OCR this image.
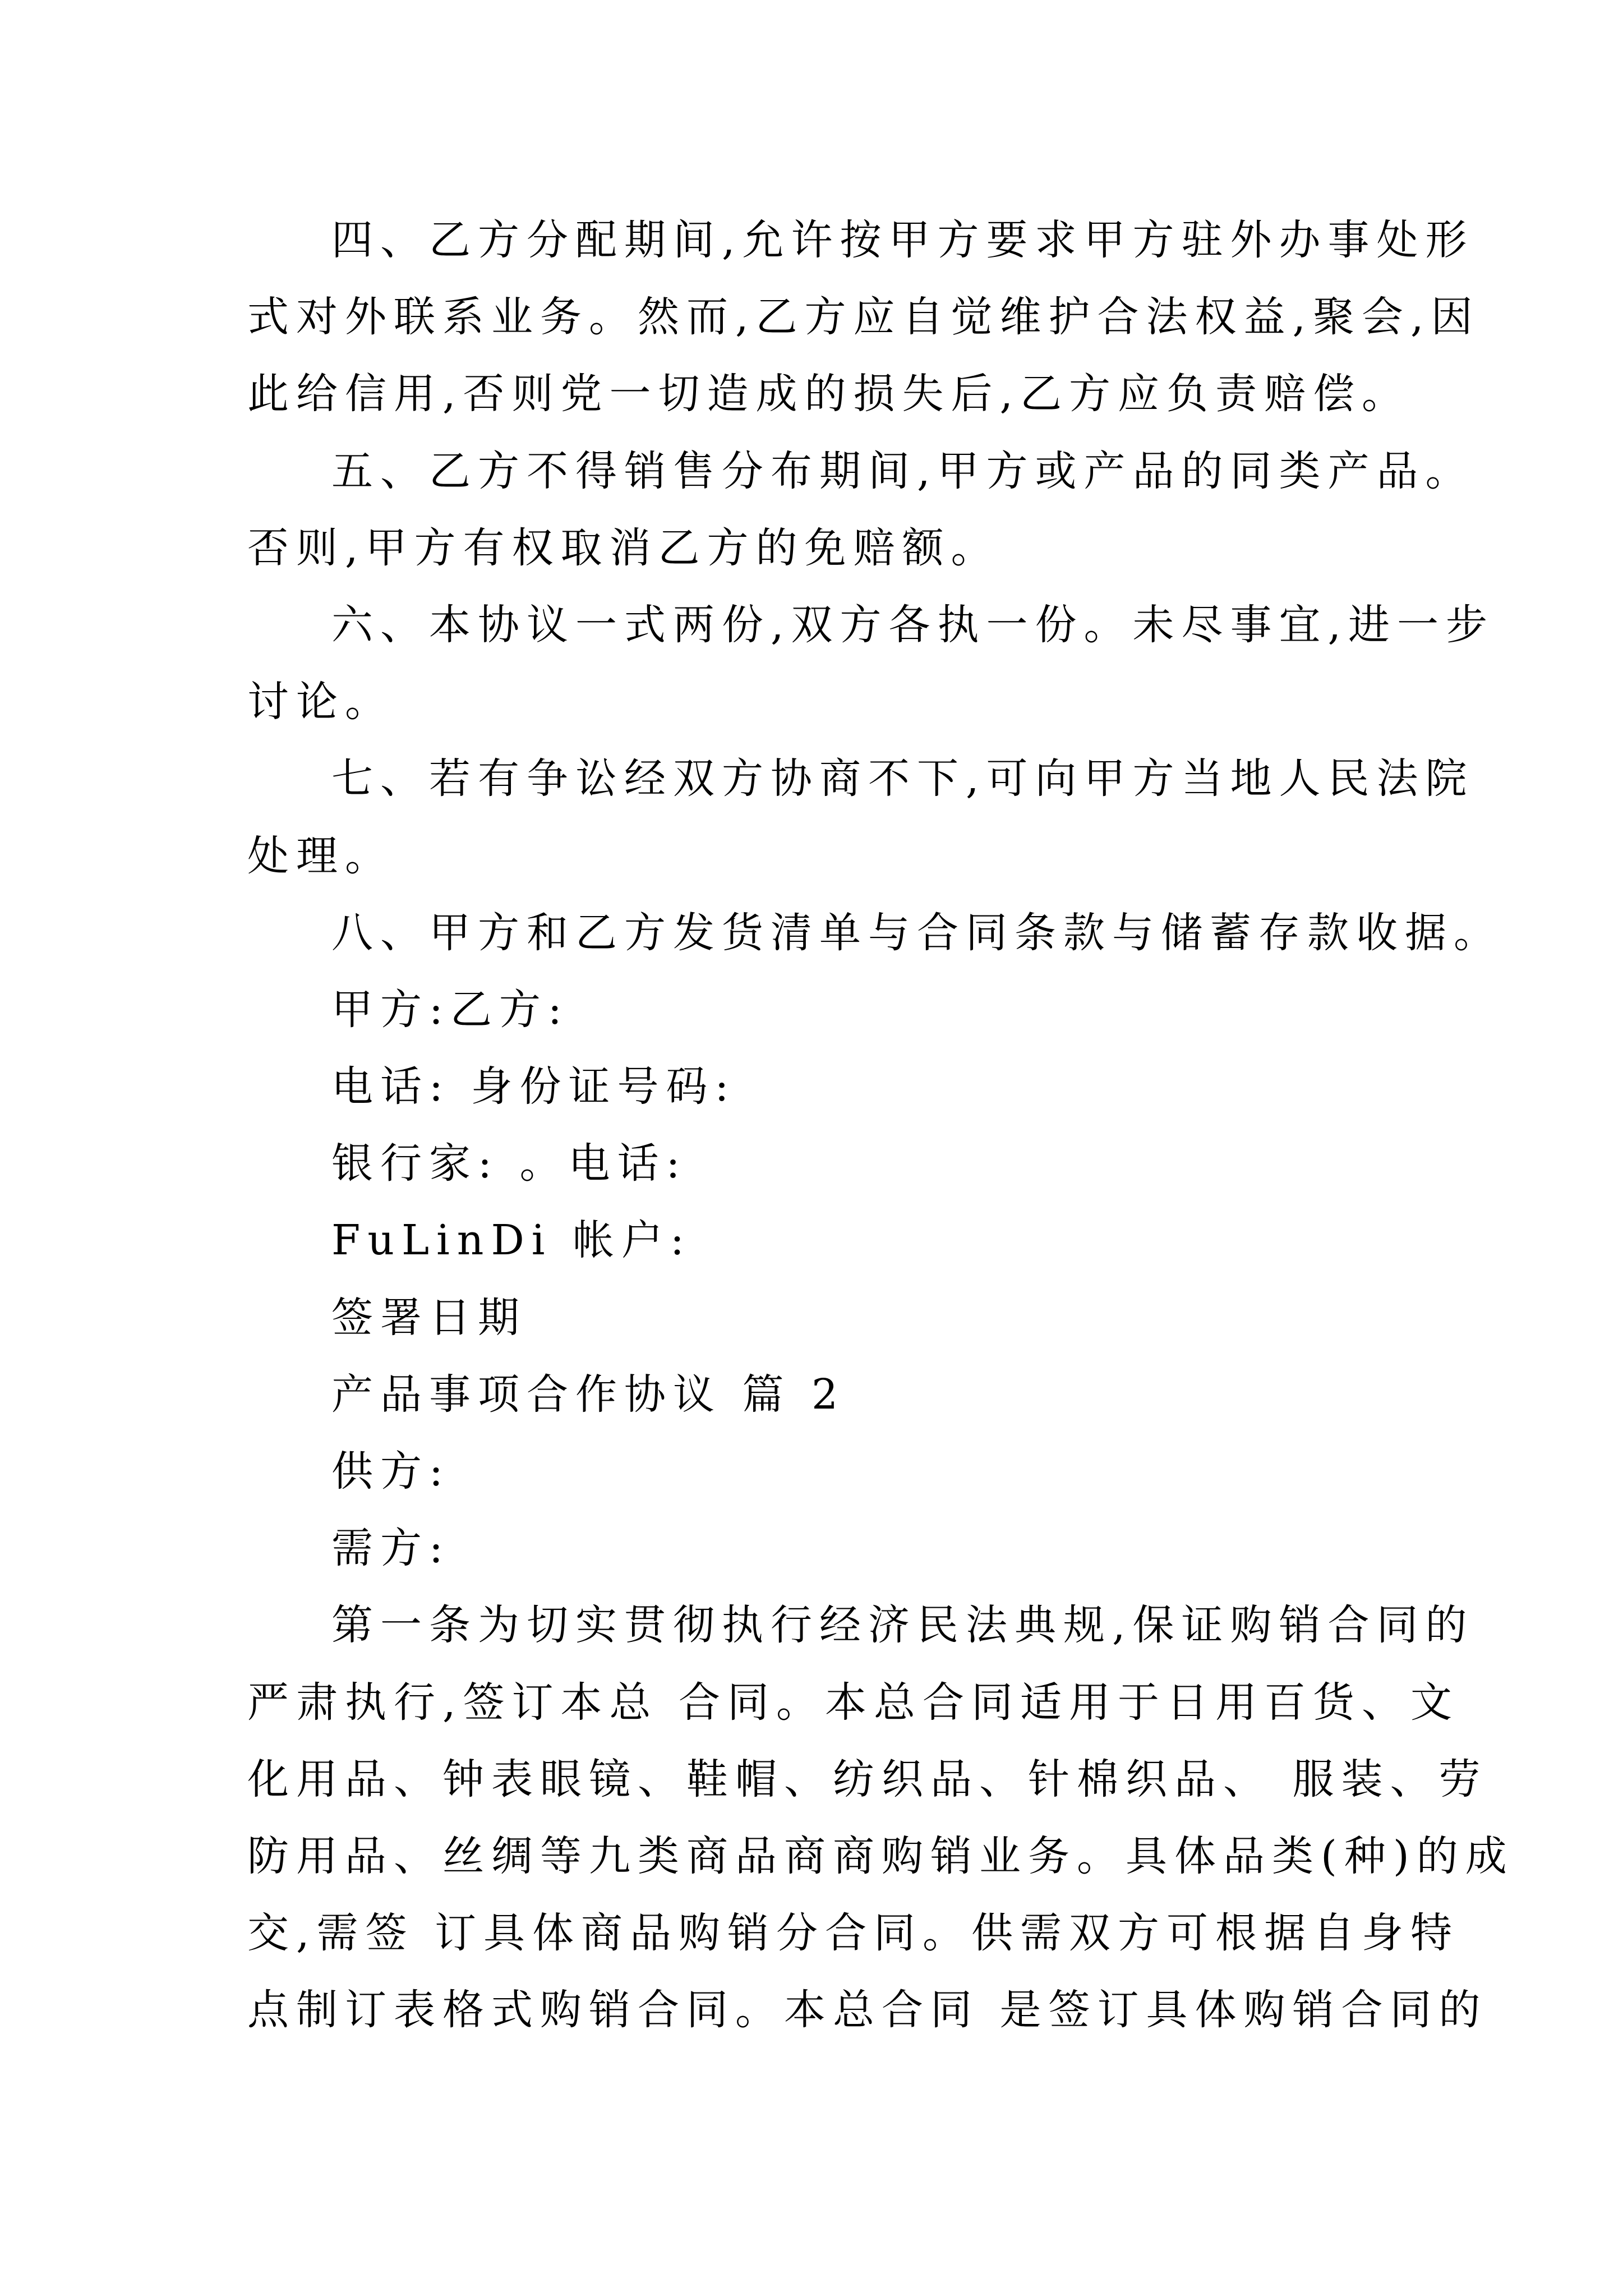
四、乙方分配期间,允许按甲方要求甲方驻外办事处形
式对外联系业务。然而,乙方应自觉维护合法权益,聚会,因
此给信用,否则党一切造成的损失后,乙方应负责赔偿。
五、乙方不得销售分布期间,甲方或产品的同类产品。
否则,甲方有权取消乙方的免赔额。
六、本协议一式两份,双方各执一份。未尽事宜,进一步
讨论。
七、若有争讼经双方协商不下,可向甲方当地人民法院
处理。
八、甲方和乙方发货清单与合同条款与储蓄存款收据。
甲方:乙方:
电话: 身份证号码:
银行家: 。电话:
FuLinDi 帐户:
签署日期
产品事项合作协议 篇 2
供方:
需方:
第一条为切实贯彻执行经济民法典规,保证购销合同的
严肃执行,签订本总 合同。本总合同适用于日用百货、文
化用品、钟表眼镜、鞋帽、纺织品、针棉织品、 服装、劳
防用品、丝绸等九类商品商商购销业务。具体品类(种)的成
交,需签 订具体商品购销分合同。供需双方可根据自身特
点制订表格式购销合同。本总合同 是签订具体购销合同的
